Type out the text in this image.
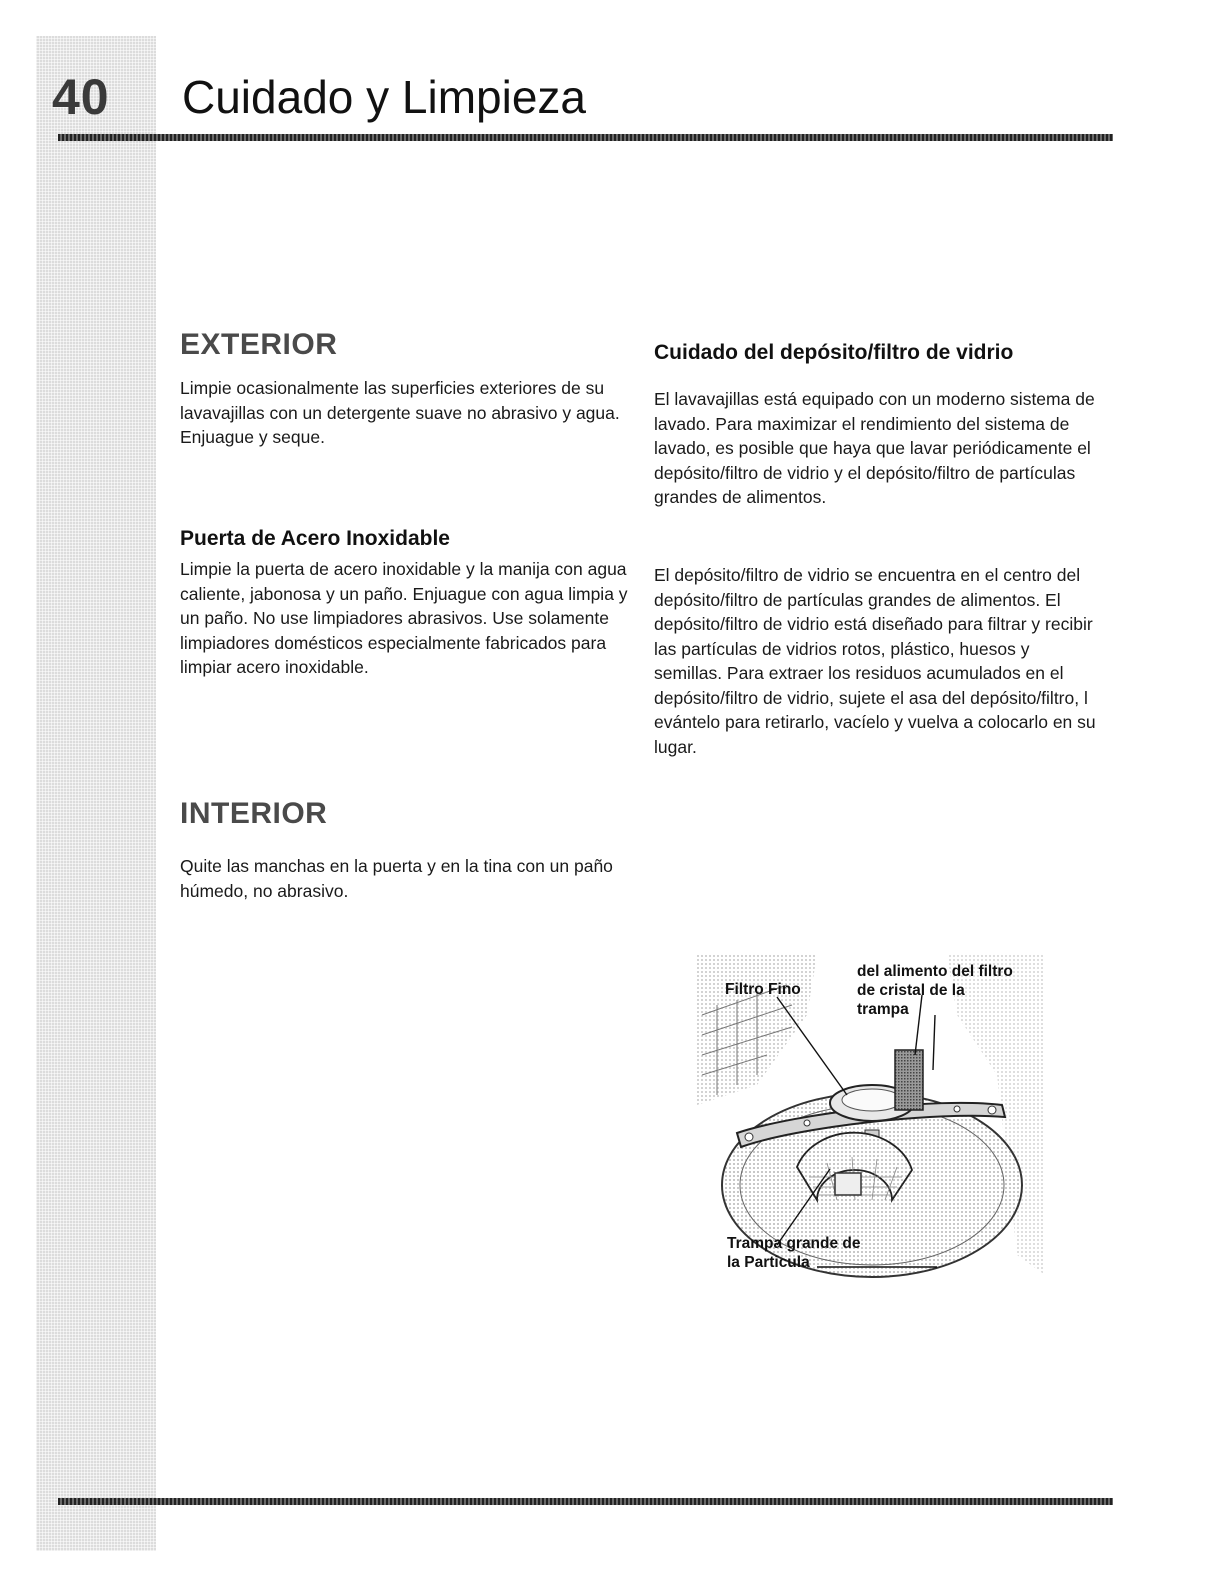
40 Cuidado y Limpieza
EXTERIOR

Limpie ocasionalmente las superficies exteriores de su lavavajillas con un detergente suave no abrasivo y agua. Enjuague y seque.

Puerta de Acero Inoxidable

Limpie la puerta de acero inoxidable y la manija con agua caliente, jabonosa y un paño. Enjuague con agua limpia y un paño. No use limpiadores abrasivos. Use solamente limpiadores domésticos especialmente fabricados para limpiar acero inoxidable.

INTERIOR

Quite las manchas en la puerta y en la tina con un paño húmedo, no abrasivo.

Cuidado del depósito/filtro de vidrio

El lavavajillas está equipado con un moderno sistema de lavado. Para maximizar el rendimiento del sistema de lavado, es posible que haya que lavar periódicamente el depósito/filtro de vidrio y el depósito/filtro de partículas grandes de alimentos.

El depósito/filtro de vidrio se encuentra en el centro del depósito/filtro de partículas grandes de alimentos. El depósito/filtro de vidrio está diseñado para filtrar y recibir las partículas de vidrios rotos, plástico, huesos y semillas. Para extraer los residuos acumulados en el depósito/filtro de vidrio, sujete el asa del depósito/filtro, l evántelo para retirarlo, vacíelo y vuelva a colocarlo en su lugar.

Filtro Fino
del alimento del filtro
de cristal de la
trampa
Trampa grande de
la Particula
